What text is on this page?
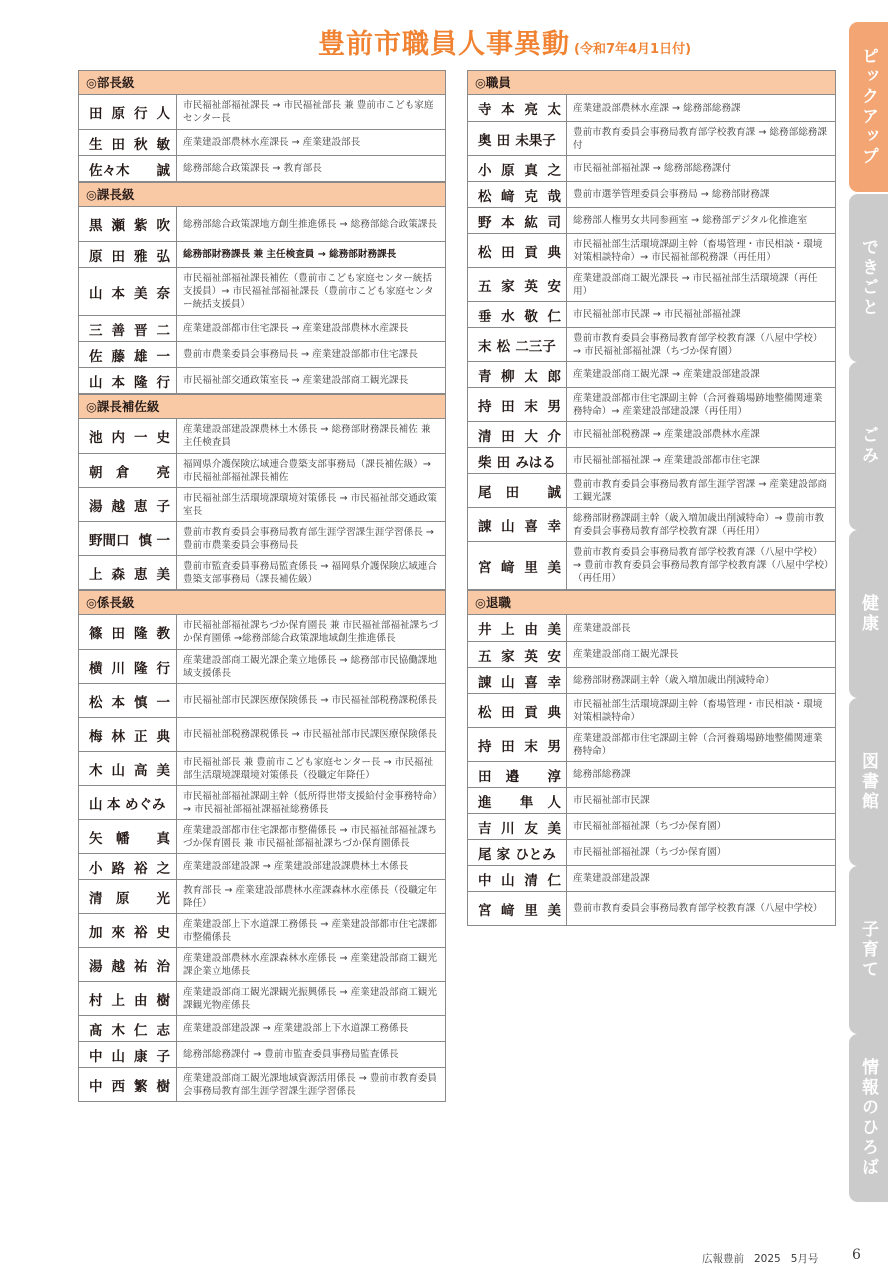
豊前市職員人事異動 (令和7年4月1日付)
◎部長級
田 原 行 人
市民福祉部福祉課長 → 市民福祉部長 兼 豊前市こども家庭センター長
生 田 秋 敏	産業建設部農林水産課長 → 産業建設部長
佐々木 誠	総務部総合政策課長 → 教育部長
◎課長級
黒 瀬 紫 吹	総務部総合政策課地方創生推進係長 → 総務部総合政策課長
原 田 雅 弘	総務部財務課長 兼 主任検査員 → 総務部財務課長
山 本 美 奈
市民福祉部福祉課長補佐（豊前市こども家庭センター統括支援員）→ 市民福祉部福祉課長（豊前市こども家庭センター統括支援員）
三 善 晋 二	産業建設部都市住宅課長 → 産業建設部農林水産課長
佐 藤 雄 一	豊前市農業委員会事務局長 → 産業建設部都市住宅課長
山 本 隆 行	市民福祉部交通政策室長 → 産業建設部商工観光課長
◎課長補佐級
池 内 一 史
産業建設部建設課農林土木係長 → 総務部財務課長補佐 兼 主任検査員
朝 倉 亮
福岡県介護保険広域連合豊築支部事務局（課長補佐級）→ 市民福祉部福祉課長補佐
湯 越 恵 子
市民福祉部生活環境課環境対策係長 → 市民福祉部交通政策室長
野間口 慎 一
豊前市教育委員会事務局教育部生涯学習課生涯学習係長 → 豊前市農業委員会事務局長
上 森 恵 美
豊前市監査委員事務局監査係長 → 福岡県介護保険広域連合豊築支部事務局（課長補佐級）
◎係長級
篠 田 隆 教
市民福祉部福祉課ちづか保育園長 兼 市民福祉部福祉課ちづか保育園係 →総務部総合政策課地域創生推進係長
横 川 隆 行
産業建設部商工観光課企業立地係長 → 総務部市民協働課地域支援係長
松 本 慎 一	市民福祉部市民課医療保険係長 → 市民福祉部税務課税係長
梅 林 正 典	市民福祉部税務課税係長 → 市民福祉部市民課医療保険係長
木 山 高 美
市民福祉部長 兼 豊前市こども家庭センター長 → 市民福祉部生活環境課環境対策係長（役職定年降任）
山 本 めぐみ
市民福祉部福祉課副主幹（低所得世帯支援給付金事務特命）→ 市民福祉部福祉課福祉総務係長
矢 幡 真
産業建設部都市住宅課都市整備係長 → 市民福祉部福祉課ちづか保育園長 兼 市民福祉部福祉課ちづか保育園係長
小 路 裕 之	産業建設部建設課 → 産業建設部建設課農林土木係長
清 原 光
教育部長 → 産業建設部農林水産課森林水産係長（役職定年降任）
加 來 裕 史
産業建設部上下水道課工務係長 → 産業建設部都市住宅課都市整備係長
湯 越 祐 治
産業建設部農林水産課森林水産係長 → 産業建設部商工観光課企業立地係長
村 上 由 樹
産業建設部商工観光課観光振興係長 → 産業建設部商工観光課観光物産係長
髙 木 仁 志	産業建設部建設課 → 産業建設部上下水道課工務係長
中 山 康 子	総務部総務課付 → 豊前市監査委員事務局監査係長
中 西 繁 樹
産業建設部商工観光課地域資源活用係長 → 豊前市教育委員会事務局教育部生涯学習課生涯学習係長
◎職員
寺 本 亮 太	産業建設部農林水産課 → 総務部総務課
奥 田 未果子
豊前市教育委員会事務局教育部学校教育課 → 総務部総務課付
小 原 真 之	市民福祉部福祉課 → 総務部総務課付
松 﨑 克 哉	豊前市選挙管理委員会事務局 → 総務部財務課
野 本 紘 司	総務部人権男女共同参画室 → 総務部デジタル化推進室
松 田 貢 典
市民福祉部生活環境課副主幹（畜場管理・市民相談・環境対策相談特命）→ 市民福祉部税務課（再任用）
五 家 英 安
産業建設部商工観光課長 → 市民福祉部生活環境課（再任用）
垂 水 敬 仁	市民福祉部市民課 → 市民福祉部福祉課
末 松 二三子
豊前市教育委員会事務局教育部学校教育課（八屋中学校）→ 市民福祉部福祉課（ちづか保育園）
青 柳 太 郎	産業建設部商工観光課 → 産業建設部建設課
持 田 末 男
産業建設部都市住宅課副主幹（合河養鶏場跡地整備関連業務特命）→ 産業建設部建設課（再任用）
清 田 大 介	市民福祉部税務課 → 産業建設部農林水産課
柴 田 みはる	市民福祉部福祉課 → 産業建設部都市住宅課
尾 田 誠
豊前市教育委員会事務局教育部生涯学習課 → 産業建設部商工観光課
諌 山 喜 幸
総務部財務課副主幹（歳入増加歳出削減特命）→ 豊前市教育委員会事務局教育部学校教育課（再任用）
宮 﨑 里 美
豊前市教育委員会事務局教育部学校教育課（八屋中学校）→ 豊前市教育委員会事務局教育部学校教育課（八屋中学校）（再任用）
◎退職
井 上 由 美	産業建設部長
五 家 英 安	産業建設部商工観光課長
諌 山 喜 幸	総務部財務課副主幹（歳入増加歳出削減特命）
松 田 貢 典
市民福祉部生活環境課副主幹（畜場管理・市民相談・環境対策相談特命）
持 田 末 男
産業建設部都市住宅課副主幹（合河養鶏場跡地整備関連業務特命）
田 邉 淳	総務部総務課
進 隼 人	市民福祉部市民課
吉 川 友 美	市民福祉部福祉課（ちづか保育園）
尾 家 ひとみ	市民福祉部福祉課（ちづか保育園）
中 山 清 仁	産業建設部建設課
宮 﨑 里 美	豊前市教育委員会事務局教育部学校教育課（八屋中学校）
ピックアップ
できごと
ごみ
健康
図書館
子育て
情報のひろば
広報豊前 2025 5月号 6
